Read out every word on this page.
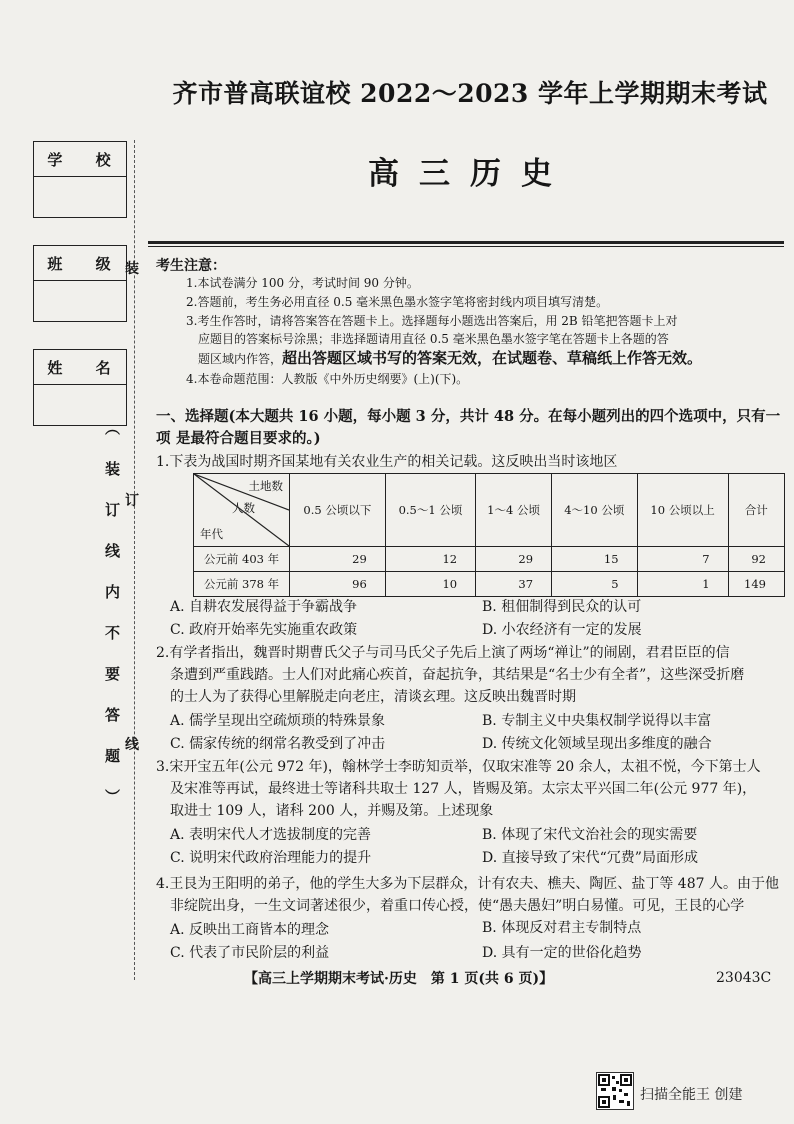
学 校
班 级
姓 名
（装订线内不要答题）
装
订
线
齐市普高联谊校 2022～2023 学年上学期期末考试
高三历史
考生注意：
1.本试卷满分 100 分，考试时间 90 分钟。
2.答题前，考生务必用直径 0.5 毫米黑色墨水签字笔将密封线内项目填写清楚。
3.考生作答时，请将答案答在答题卡上。选择题每小题选出答案后，用 2B 铅笔把答题卡上对
应题目的答案标号涂黑；非选择题请用直径 0.5 毫米黑色墨水签字笔在答题卡上各题的答
题区域内作答，超出答题区域书写的答案无效，在试题卷、草稿纸上作答无效。
4.本卷命题范围：人教版《中外历史纲要》(上)(下)。
一、选择题(本大题共 16 小题，每小题 3 分，共计 48 分。在每小题列出的四个选项中，只有一项 是最符合题目要求的。)
1.下表为战国时期齐国某地有关农业生产的相关记载。这反映出当时该地区
土地数
人数
年代	0.5 公顷以下	0.5～1 公顷	1～4 公顷	4～10 公顷	10 公顷以上	合计
公元前 403 年	29	12	29	15	7	92
公元前 378 年	96	10	37	5	1	149
A. 自耕农发展得益于争霸战争	B. 租佃制得到民众的认可
C. 政府开始率先实施重农政策	D. 小农经济有一定的发展
2.有学者指出，魏晋时期曹氏父子与司马氏父子先后上演了两场“禅让”的闹剧，君君臣臣的信
条遭到严重践踏。士人们对此痛心疾首，奋起抗争，其结果是“名士少有全者”，这些深受折磨
的士人为了获得心里解脱走向老庄，清谈玄理。这反映出魏晋时期
A. 儒学呈现出空疏烦琐的特殊景象	B. 专制主义中央集权制学说得以丰富
C. 儒家传统的纲常名教受到了冲击	D. 传统文化领域呈现出多维度的融合
3.宋开宝五年(公元 972 年)，翰林学士李昉知贡举，仅取宋准等 20 余人，太祖不悦，今下第士人
及宋准等再试，最终进士等诸科共取士 127 人，皆赐及第。太宗太平兴国二年(公元 977 年)，
取进士 109 人，诸科 200 人，并赐及第。上述现象
A. 表明宋代人才选拔制度的完善	B. 体现了宋代文治社会的现实需要
C. 说明宋代政府治理能力的提升	D. 直接导致了宋代“冗费”局面形成
4.王艮为王阳明的弟子，他的学生大多为下层群众，计有农夫、樵夫、陶匠、盐丁等 487 人。由于他
非绽院出身，一生文词著述很少，着重口传心授，使“愚夫愚妇”明白易懂。可见，王艮的心学
A. 反映出工商皆本的理念	B. 体现反对君主专制特点
C. 代表了市民阶层的利益	D. 具有一定的世俗化趋势
【高三上学期期末考试·历史　第 1 页(共 6 页)】	23043C
扫描全能王 创建
